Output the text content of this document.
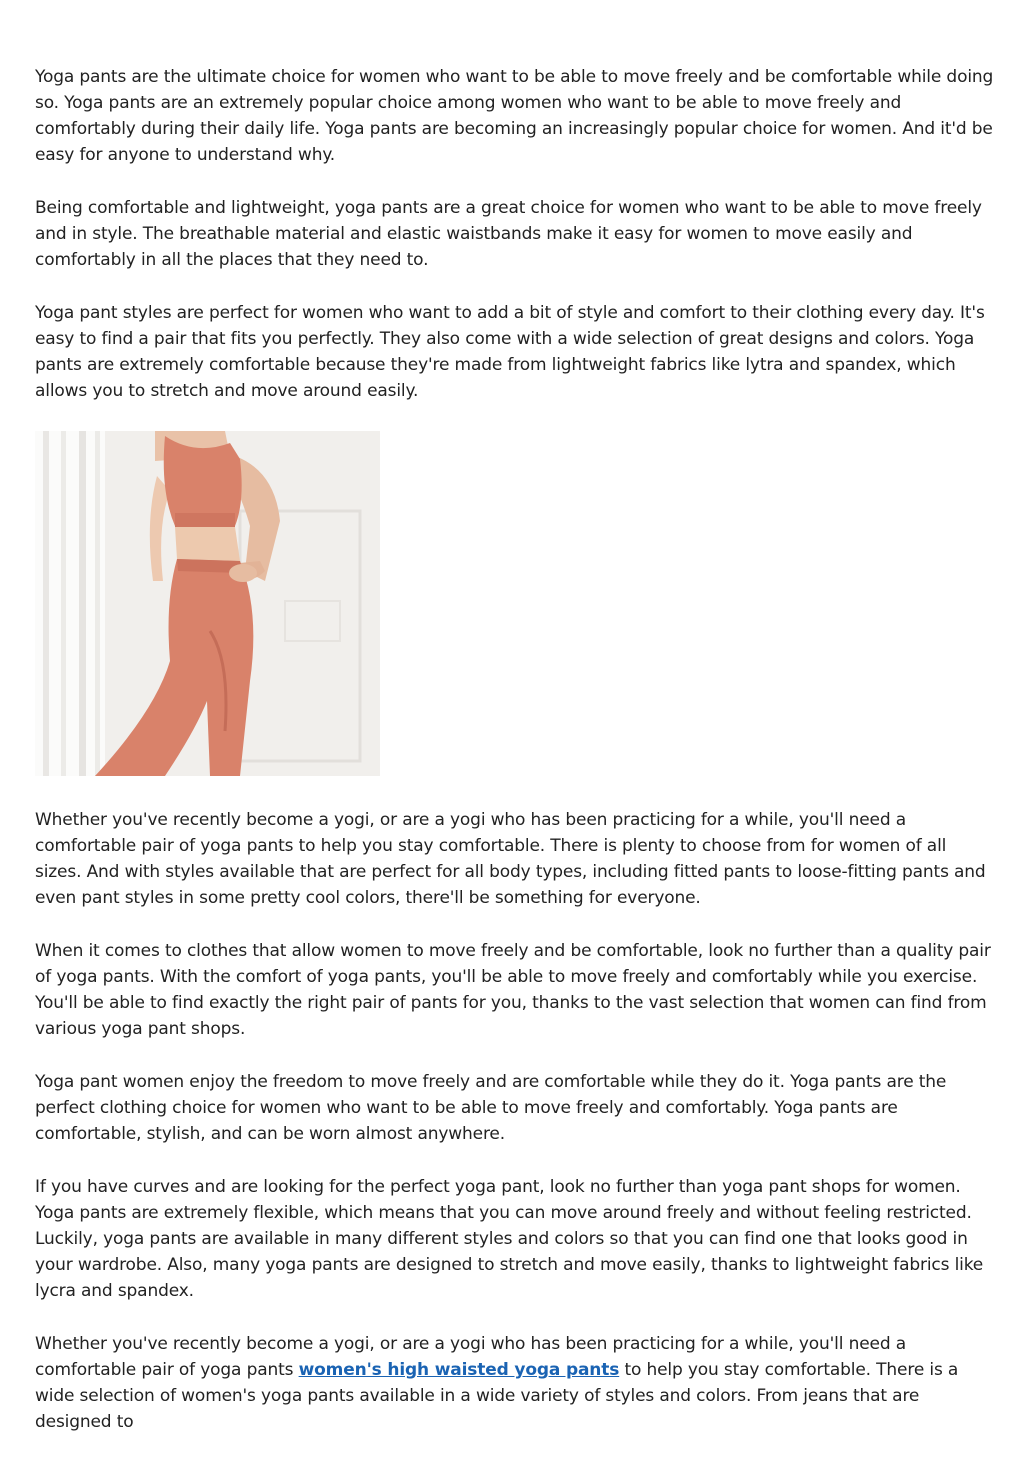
Yoga pants are the ultimate choice for women who want to be able to move freely and be comfortable while doing so. Yoga pants are an extremely popular choice among women who want to be able to move freely and comfortably during their daily life. Yoga pants are becoming an increasingly popular choice for women. And it'd be easy for anyone to understand why.

Being comfortable and lightweight, yoga pants are a great choice for women who want to be able to move freely and in style. The breathable material and elastic waistbands make it easy for women to move easily and comfortably in all the places that they need to.

Yoga pant styles are perfect for women who want to add a bit of style and comfort to their clothing every day. It's easy to find a pair that fits you perfectly. They also come with a wide selection of great designs and colors. Yoga pants are extremely comfortable because they're made from lightweight fabrics like lytra and spandex, which allows you to stretch and move around easily.

Whether you've recently become a yogi, or are a yogi who has been practicing for a while, you'll need a comfortable pair of yoga pants to help you stay comfortable. There is plenty to choose from for women of all sizes. And with styles available that are perfect for all body types, including fitted pants to loose-fitting pants and even pant styles in some pretty cool colors, there'll be something for everyone.

When it comes to clothes that allow women to move freely and be comfortable, look no further than a quality pair of yoga pants. With the comfort of yoga pants, you'll be able to move freely and comfortably while you exercise. You'll be able to find exactly the right pair of pants for you, thanks to the vast selection that women can find from various yoga pant shops.

Yoga pant women enjoy the freedom to move freely and are comfortable while they do it. Yoga pants are the perfect clothing choice for women who want to be able to move freely and comfortably. Yoga pants are comfortable, stylish, and can be worn almost anywhere.

If you have curves and are looking for the perfect yoga pant, look no further than yoga pant shops for women. Yoga pants are extremely flexible, which means that you can move around freely and without feeling restricted. Luckily, yoga pants are available in many different styles and colors so that you can find one that looks good in your wardrobe. Also, many yoga pants are designed to stretch and move easily, thanks to lightweight fabrics like lycra and spandex.

Whether you've recently become a yogi, or are a yogi who has been practicing for a while, you'll need a comfortable pair of yoga pants women's high waisted yoga pants to help you stay comfortable. There is a wide selection of women's yoga pants available in a wide variety of styles and colors. From jeans that are designed to
